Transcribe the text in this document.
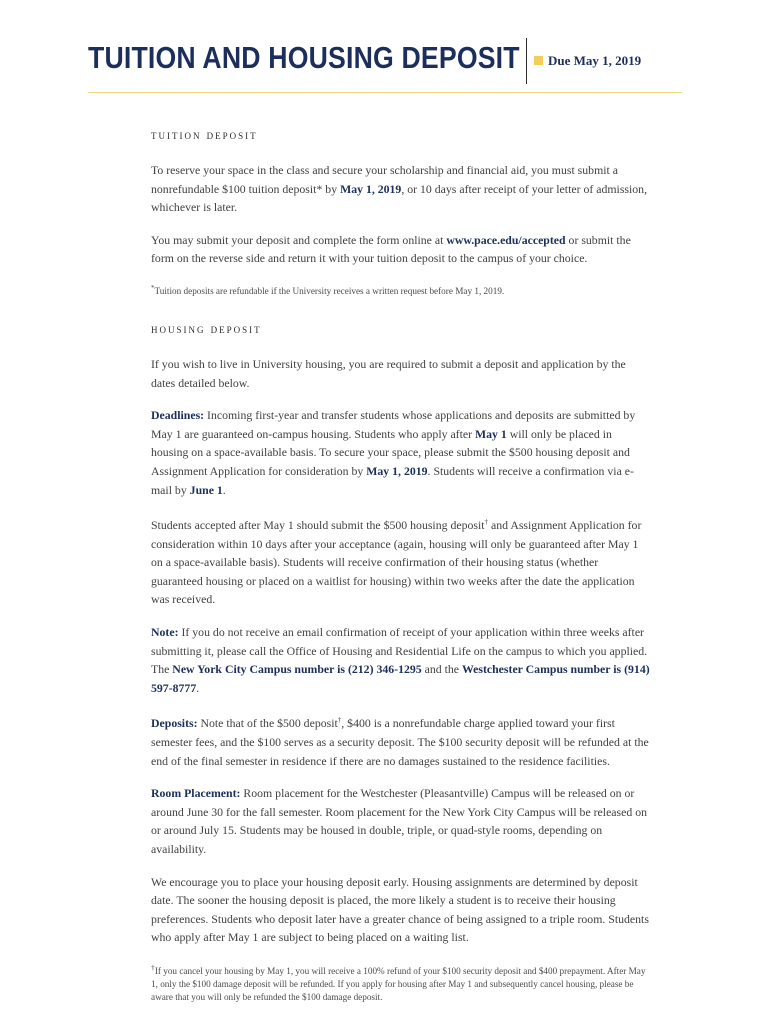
TUITION AND HOUSING DEPOSIT Due May 1, 2019
tuition deposit

To reserve your space in the class and secure your scholarship and financial aid, you must submit a nonrefundable $100 tuition deposit* by May 1, 2019, or 10 days after receipt of your letter of admission, whichever is later.

You may submit your deposit and complete the form online at www.pace.edu/accepted or submit the form on the reverse side and return it with your tuition deposit to the campus of your choice.

*Tuition deposits are refundable if the University receives a written request before May 1, 2019.
housing deposit

If you wish to live in University housing, you are required to submit a deposit and application by the dates detailed below.

Deadlines: Incoming first-year and transfer students whose applications and deposits are submitted by May 1 are guaranteed on-campus housing. Students who apply after May 1 will only be placed in housing on a space-available basis. To secure your space, please submit the $500 housing deposit and Assignment Application for consideration by May 1, 2019. Students will receive a confirmation via e-mail by June 1.

Students accepted after May 1 should submit the $500 housing deposit† and Assignment Application for consideration within 10 days after your acceptance (again, housing will only be guaranteed after May 1 on a space-available basis). Students will receive confirmation of their housing status (whether guaranteed housing or placed on a waitlist for housing) within two weeks after the date the application was received.

Note: If you do not receive an email confirmation of receipt of your application within three weeks after submitting it, please call the Office of Housing and Residential Life on the campus to which you applied. The New York City Campus number is (212) 346-1295 and the Westchester Campus number is (914) 597-8777.

Deposits: Note that of the $500 deposit†, $400 is a nonrefundable charge applied toward your first semester fees, and the $100 serves as a security deposit. The $100 security deposit will be refunded at the end of the final semester in residence if there are no damages sustained to the residence facilities.

Room Placement: Room placement for the Westchester (Pleasantville) Campus will be released on or around June 30 for the fall semester. Room placement for the New York City Campus will be released on or around July 15. Students may be housed in double, triple, or quad-style rooms, depending on availability.

We encourage you to place your housing deposit early. Housing assignments are determined by deposit date. The sooner the housing deposit is placed, the more likely a student is to receive their housing preferences. Students who deposit later have a greater chance of being assigned to a triple room. Students who apply after May 1 are subject to being placed on a waiting list.

†If you cancel your housing by May 1, you will receive a 100% refund of your $100 security deposit and $400 prepayment. After May 1, only the $100 damage deposit will be refunded. If you apply for housing after May 1 and subsequently cancel housing, please be aware that you will only be refunded the $100 damage deposit.
